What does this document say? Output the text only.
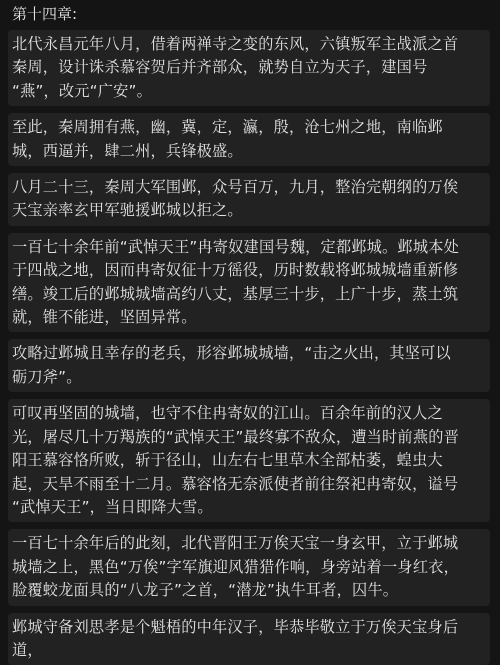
第十四章:
北代永昌元年八月，借着两禅寺之变的东风，六镇叛军主战派之首
秦周，设计诛杀慕容贺后并齐部众，就势自立为天子，建国号
“燕”，改元“广安”。
至此，秦周拥有燕，幽，冀，定，瀛，殷，沧七州之地，南临邺
城，西逼并，肆二州，兵锋极盛。
八月二十三，秦周大军围邺，众号百万，九月，整治完朝纲的万俟
天宝亲率玄甲军驰援邺城以拒之。
一百七十余年前“武悼天王”冉寄奴建国号魏，定都邺城。邺城本处
于四战之地，因而冉寄奴征十万徭役，历时数载将邺城城墙重新修
缮。竣工后的邺城城墙高约八丈，基厚三十步，上广十步，蒸土筑
就，锥不能进，坚固异常。
攻略过邺城且幸存的老兵，形容邺城城墙，“击之火出，其坚可以
砺刀斧”。
可叹再坚固的城墙，也守不住冉寄奴的江山。百余年前的汉人之
光，屠尽几十万羯族的“武悼天王”最终寡不敌众，遭当时前燕的晋
阳王慕容恪所败，斩于径山，山左右七里草木全部枯萎，蝗虫大
起，天旱不雨至十二月。慕容恪无奈派使者前往祭祀冉寄奴，谥号
“武悼天王”，当日即降大雪。
一百七十余年后的此刻，北代晋阳王万俟天宝一身玄甲，立于邺城
城墙之上，黑色“万俟”字军旗迎风猎猎作响，身旁站着一身红衣，
脸覆蛟龙面具的“八龙子”之首，“潜龙”执牛耳者，囚牛。
邺城守备刘思孝是个魁梧的中年汉子，毕恭毕敬立于万俟天宝身后
道，
